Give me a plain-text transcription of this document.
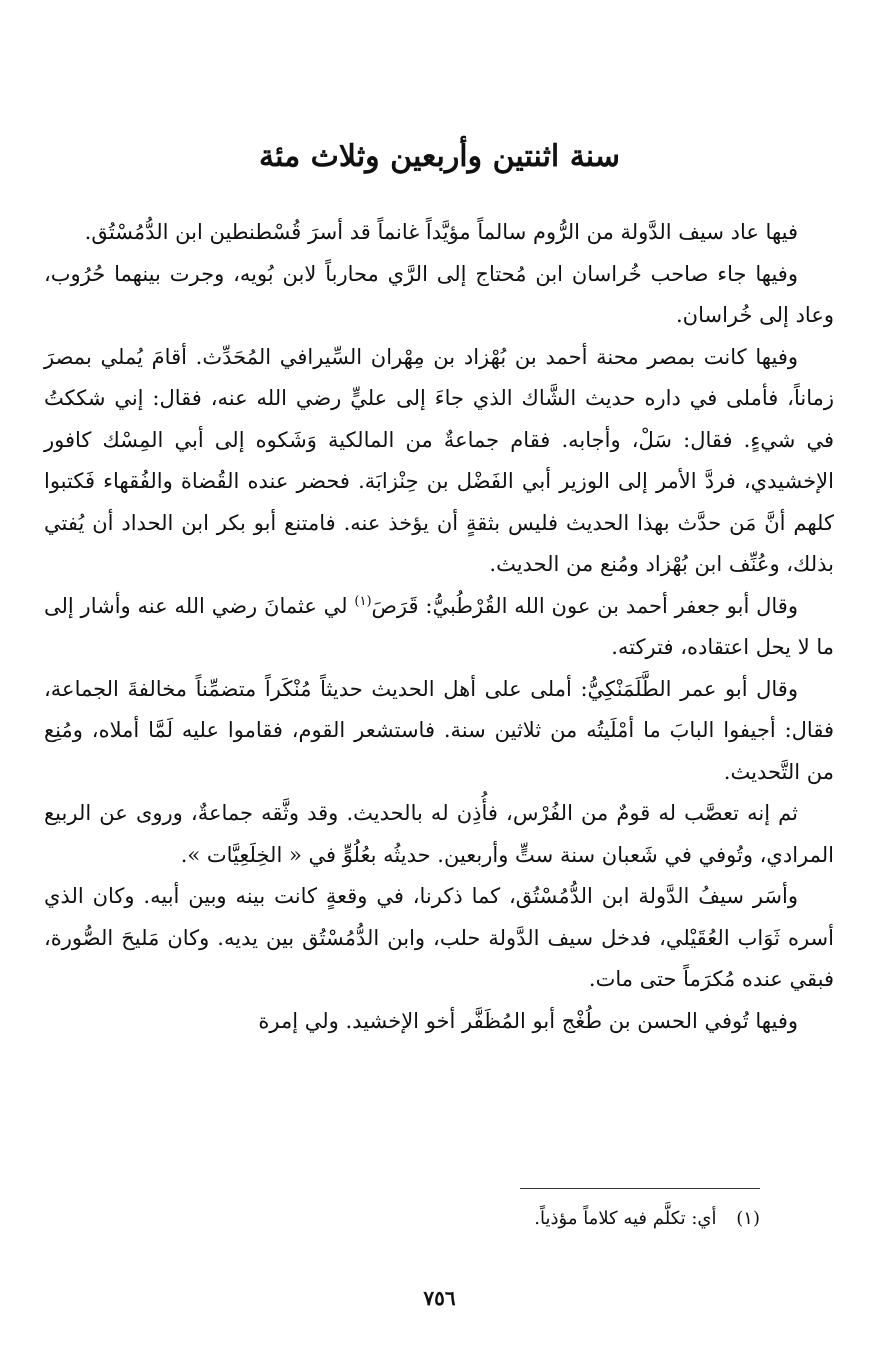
سنة اثنتين وأربعين وثلاث مئة

فيها عاد سيف الدَّولة من الرُّوم سالماً مؤيَّداً غانماً قد أسرَ قُسْطنطين ابن الدُّمُسْتُق.

وفيها جاء صاحب خُراسان ابن مُحتاج إلى الرَّي محارباً لابن بُويه، وجرت بينهما حُرُوب، وعاد إلى خُراسان.

وفيها كانت بمصر محنة أحمد بن بُهْزاد بن مِهْران السِّيرافي المُحَدِّث. أقامَ يُملي بمصرَ زماناً، فأملى في داره حديث الشَّاك الذي جاءَ إلى عليٍّ رضي الله عنه، فقال: إني شككتُ في شيءٍ. فقال: سَلْ، وأجابه. فقام جماعةٌ من المالكية وَشَكوه إلى أبي المِسْك كافور الإخشيدي، فردَّ الأمر إلى الوزير أبي الفَضْل بن حِنْزابَة. فحضر عنده القُضاة والفُقهاء فَكتبوا كلهم أنَّ مَن حدَّث بهذا الحديث فليس بثقةٍ أن يؤخذ عنه. فامتنع أبو بكر ابن الحداد أن يُفتي بذلك، وعُنِّف ابن بُهْزاد ومُنع من الحديث.

وقال أبو جعفر أحمد بن عون الله القُرْطُبيُّ: قَرَصَ$^{(١)}$ لي عثمانَ رضي الله عنه وأشار إلى ما لا يحل اعتقاده، فتركته.

وقال أبو عمر الطَّلَمَنْكِيُّ: أملى على أهل الحديث حديثاً مُنْكَراً متضمِّناً مخالفةَ الجماعة، فقال: أجيفوا البابَ ما أمْلَيتُه من ثلاثين سنة. فاستشعر القوم، فقاموا عليه لَمَّا أملاه، ومُنِع من التَّحديث.

ثم إنه تعصَّب له قومٌ من الفُرْس، فأُذِن له بالحديث. وقد وثَّقه جماعةٌ، وروى عن الربيع المرادي، وتُوفي في شَعبان سنة ستٍّ وأربعين. حديثُه بعُلُوٍّ في « الخِلَعِيَّات ».

وأسَر سيفُ الدَّولة ابن الدُّمُسْتُق، كما ذكرنا، في وقعةٍ كانت بينه وبين أبيه. وكان الذي أسره ثَوَاب العُقَيْلي، فدخل سيف الدَّولة حلب، وابن الدُّمُسْتُق بين يديه. وكان مَليحَ الصُّورة، فبقي عنده مُكرَماً حتى مات.

وفيها تُوفي الحسن بن طُغْج أبو المُظَفَّر أخو الإخشيد. ولي إمرة

(١) أي: تكلَّم فيه كلاماً مؤذياً.
٧٥٦
